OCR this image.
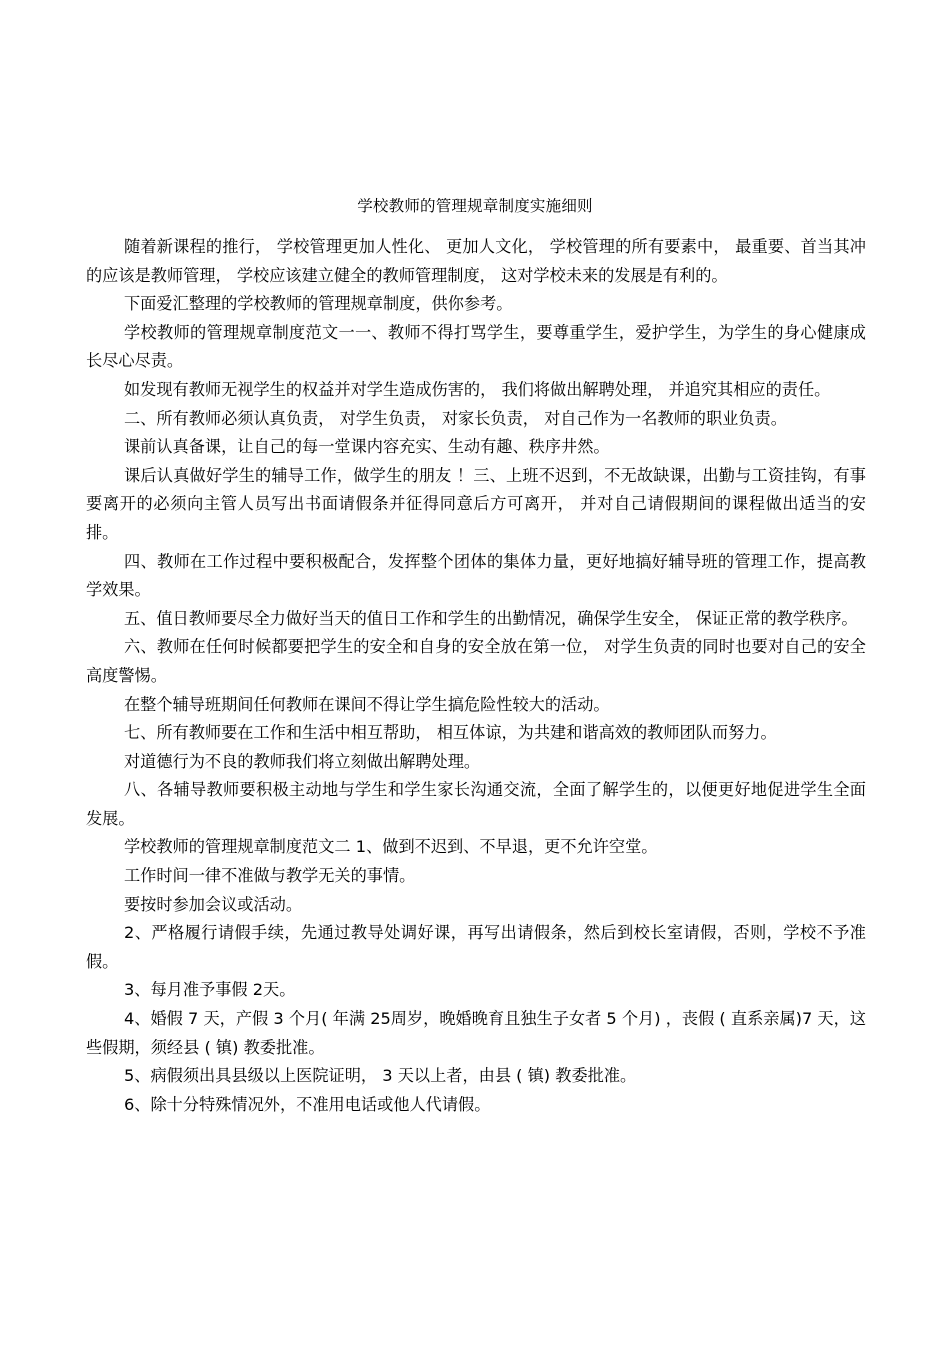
学校教师的管理规章制度实施细则

随着新课程的推行， 学校管理更加人性化、 更加人文化， 学校管理的所有要素中， 最重要、首当其冲的应该是教师管理， 学校应该建立健全的教师管理制度， 这对学校未来的发展是有利的。

下面爱汇整理的学校教师的管理规章制度，供你参考。

学校教师的管理规章制度范文一一、教师不得打骂学生，要尊重学生，爱护学生，为学生的身心健康成长尽心尽责。

如发现有教师无视学生的权益并对学生造成伤害的， 我们将做出解聘处理， 并追究其相应的责任。

二、所有教师必须认真负责， 对学生负责， 对家长负责， 对自己作为一名教师的职业负责。

课前认真备课，让自己的每一堂课内容充实、生动有趣、秩序井然。

课后认真做好学生的辅导工作，做学生的朋友 ！三、上班不迟到，不无故缺课，出勤与工资挂钩，有事要离开的必须向主管人员写出书面请假条并征得同意后方可离开， 并对自己请假期间的课程做出适当的安排。

四、教师在工作过程中要积极配合，发挥整个团体的集体力量，更好地搞好辅导班的管理工作，提高教学效果。

五、值日教师要尽全力做好当天的值日工作和学生的出勤情况，确保学生安全， 保证正常的教学秩序。

六、教师在任何时候都要把学生的安全和自身的安全放在第一位， 对学生负责的同时也要对自己的安全高度警惕。

在整个辅导班期间任何教师在课间不得让学生搞危险性较大的活动。

七、所有教师要在工作和生活中相互帮助， 相互体谅，为共建和谐高效的教师团队而努力。

对道德行为不良的教师我们将立刻做出解聘处理。

八、各辅导教师要积极主动地与学生和学生家长沟通交流，全面了解学生的，以便更好地促进学生全面发展。

学校教师的管理规章制度范文二 1、做到不迟到、不早退，更不允许空堂。

工作时间一律不准做与教学无关的事情。

要按时参加会议或活动。

2、严格履行请假手续，先通过教导处调好课，再写出请假条，然后到校长室请假，否则，学校不予准假。

3、每月准予事假 2天。

4、婚假 7 天，产假 3 个月( 年满 25周岁，晚婚晚育且独生子女者 5 个月) ，丧假 ( 直系亲属)7 天，这些假期，须经县 ( 镇) 教委批准。

5、病假须出具县级以上医院证明， 3 天以上者，由县 ( 镇) 教委批准。

6、除十分特殊情况外，不准用电话或他人代请假。
